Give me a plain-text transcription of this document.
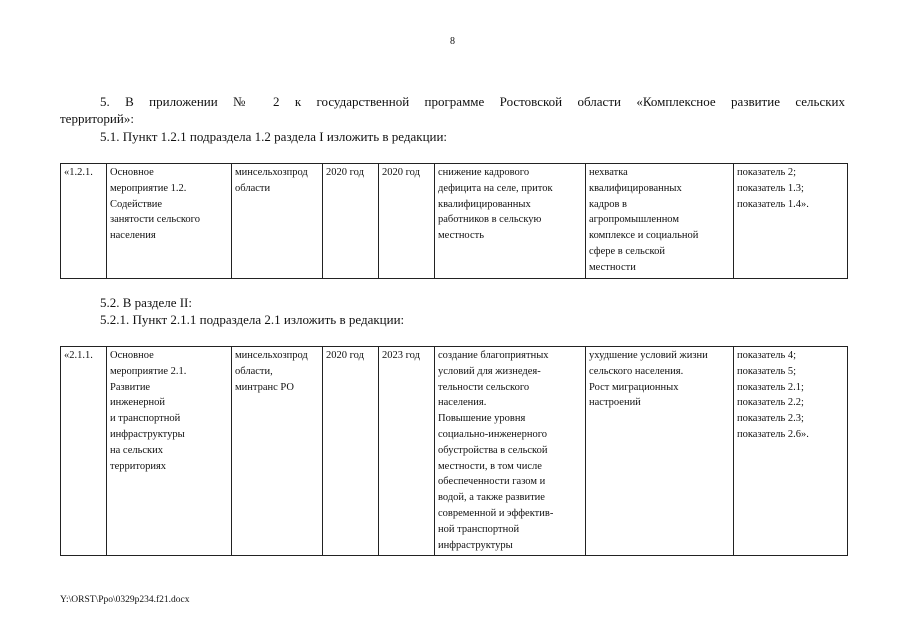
8
5. В приложении № 2 к государственной программе Ростовской области «Комплексное развитие сельских
территорий»:
5.1. Пункт 1.2.1 подраздела 1.2 раздела I изложить в редакции:
«1.2.1.	Основное
мероприятие 1.2.
Содействие
занятости сельского
населения	минсельхозпрод
области	2020 год	2020 год	снижение кадрового
дефицита на селе, приток
квалифицированных
работников в сельскую
местность	нехватка
квалифицированных
кадров в
агропромышленном
комплексе и социальной
сфере в сельской
местности	показатель 2;
показатель 1.3;
показатель 1.4».
5.2. В разделе II:
5.2.1. Пункт 2.1.1 подраздела 2.1 изложить в редакции:
«2.1.1.	Основное
мероприятие 2.1.
Развитие
инженерной
и транспортной
инфраструктуры
на сельских
территориях	минсельхозпрод
области,
минтранс РО	2020 год	2023 год	создание благоприятных
условий для жизнедея-
тельности сельского
населения.
Повышение уровня
социально-инженерного
обустройства в сельской
местности, в том числе
обеспеченности газом и
водой, а также развитие
современной и эффектив-
ной транспортной
инфраструктуры	ухудшение условий жизни
сельского населения.
Рост миграционных
настроений	показатель 4;
показатель 5;
показатель 2.1;
показатель 2.2;
показатель 2.3;
показатель 2.6».
Y:\ORST\Ppo\0329p234.f21.docx
